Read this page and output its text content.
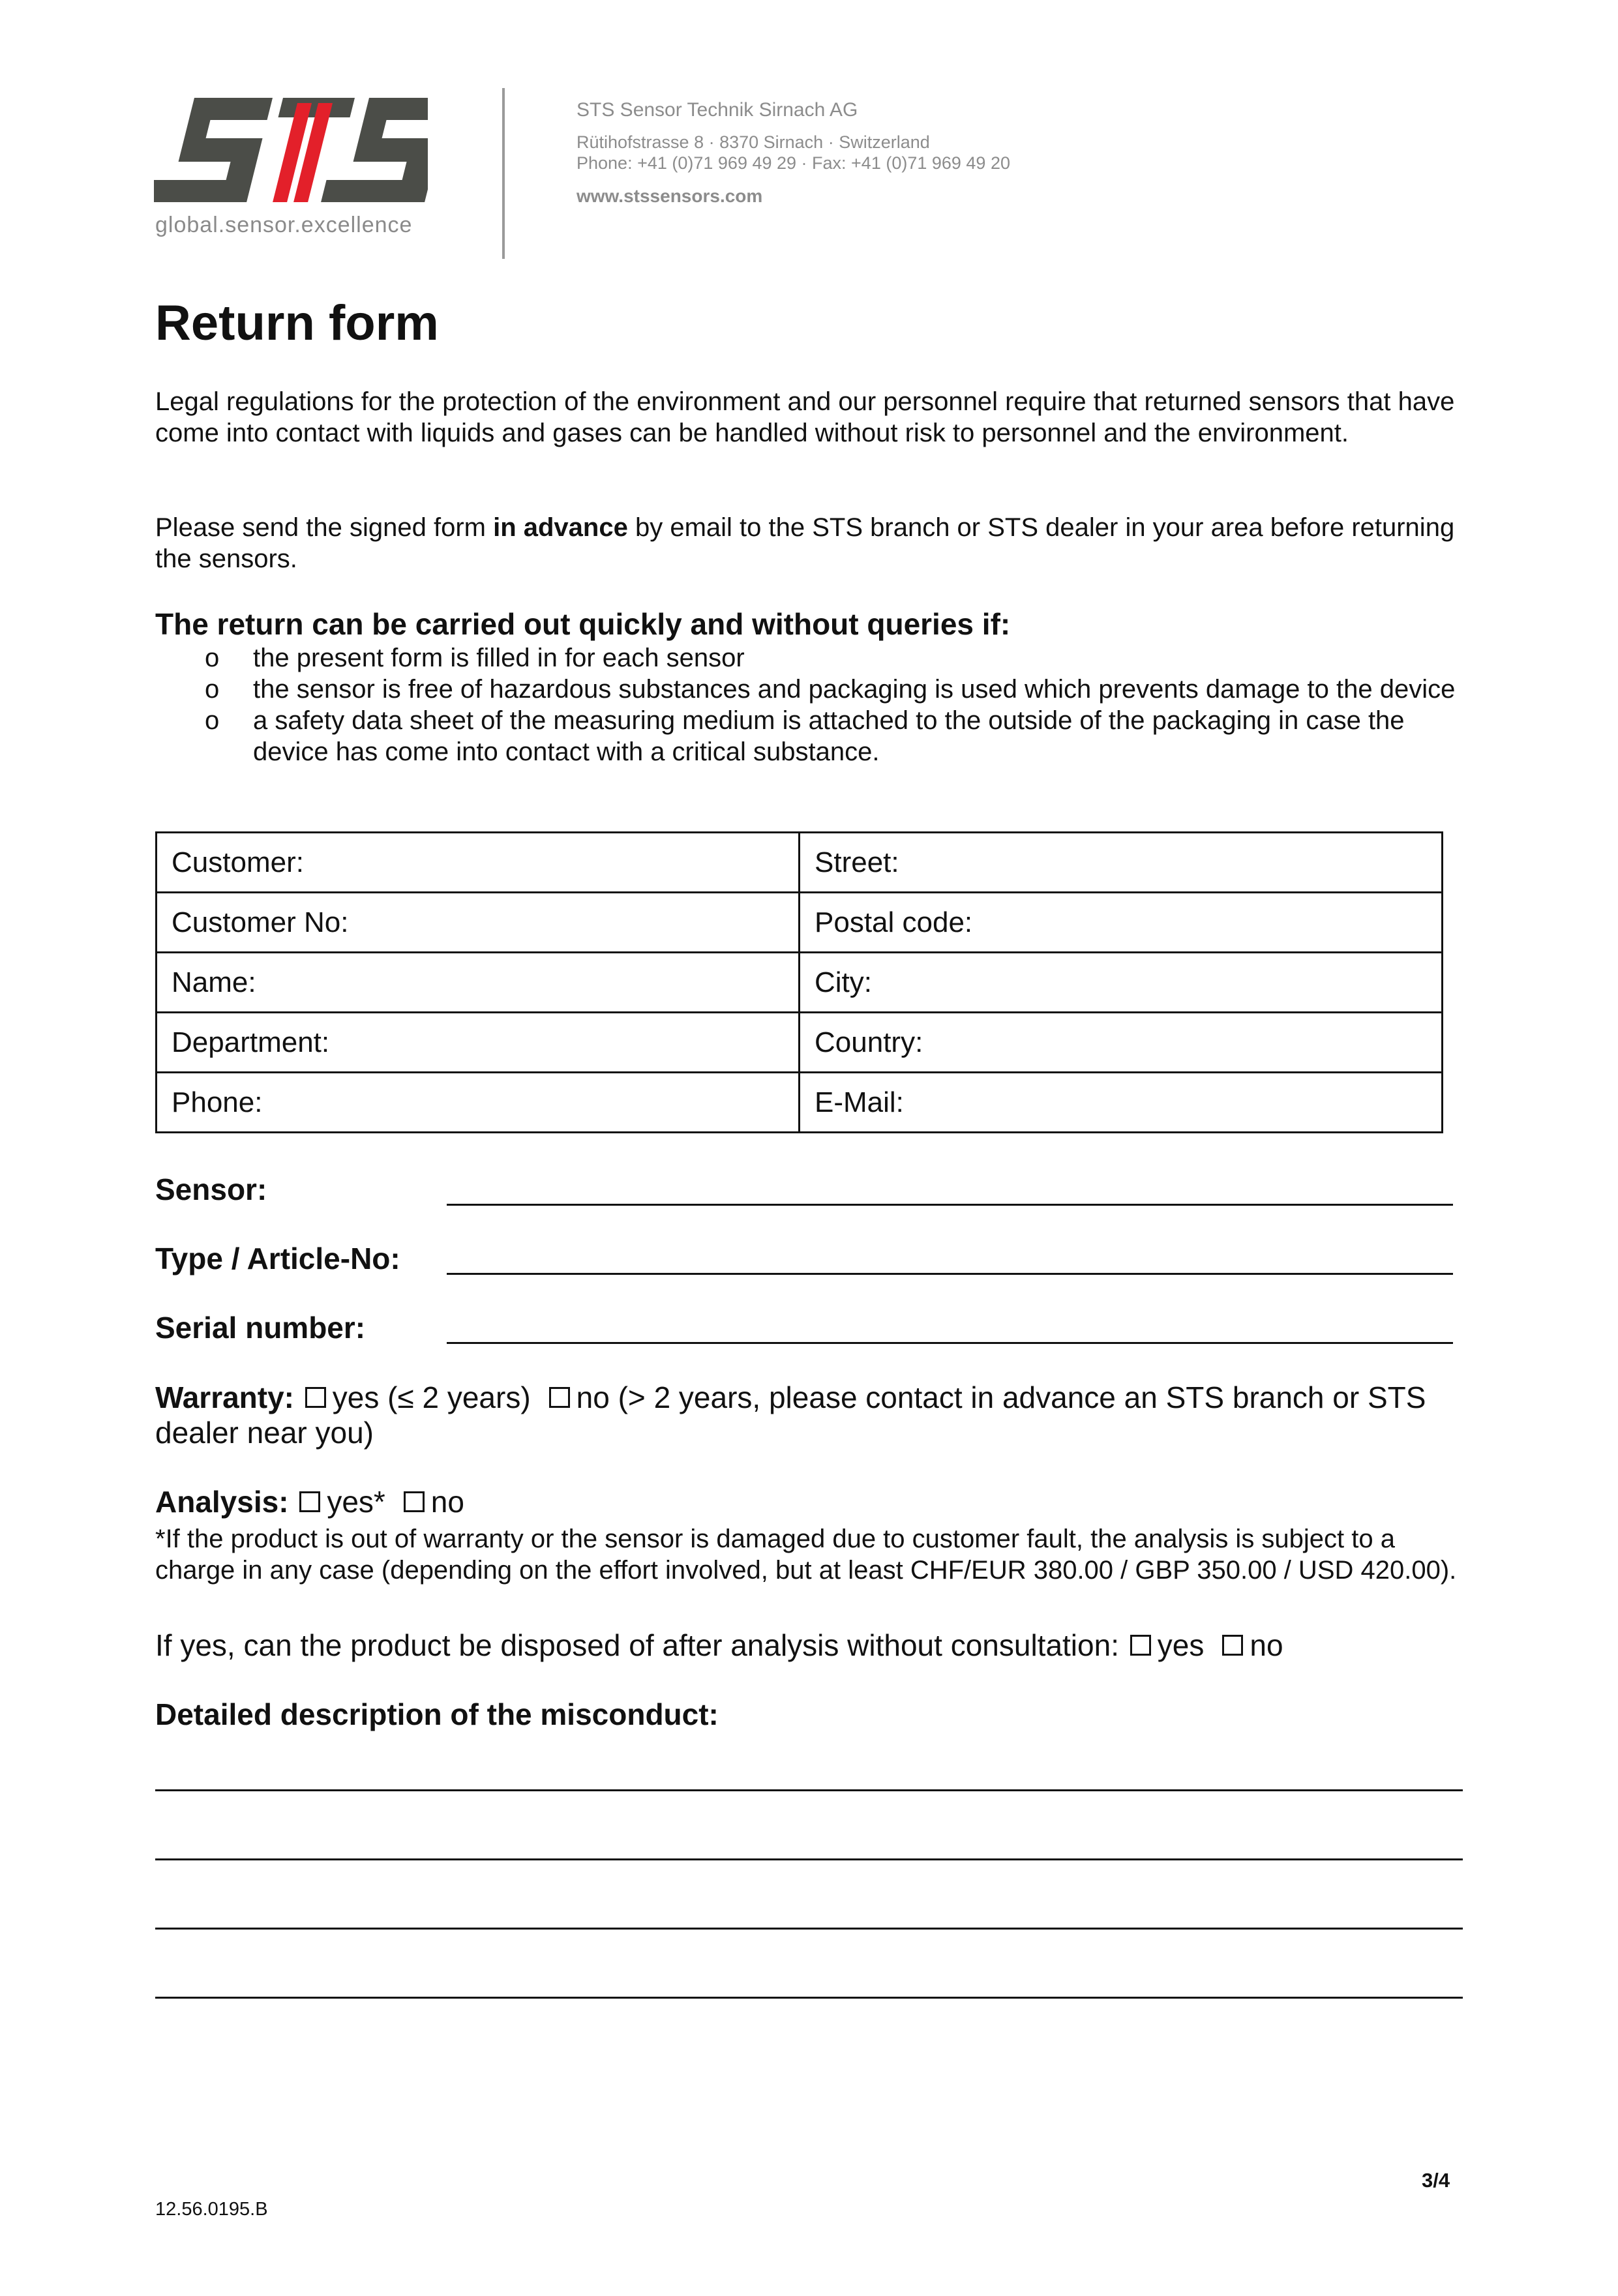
global.sensor.excellence
STS Sensor Technik Sirnach AG
Rütihofstrasse 8 · 8370 Sirnach · Switzerland
Phone: +41 (0)71 969 49 29 · Fax: +41 (0)71 969 49 20
www.stssensors.com
Return form

Legal regulations for the protection of the environment and our personnel require that returned sensors that have come into contact with liquids and gases can be handled without risk to personnel and the environment.

Please send the signed form in advance by email to the STS branch or STS dealer in your area before returning the sensors.

The return can be carried out quickly and without queries if:
o the present form is filled in for each sensor
o the sensor is free of hazardous substances and packaging is used which prevents damage to the device
o a safety data sheet of the measuring medium is attached to the outside of the packaging in case the device has come into contact with a critical substance.
Customer:	Street:
Customer No:	Postal code:
Name:	City:
Department:	Country:
Phone:	E-Mail:
Sensor:
Type / Article-No:
Serial number:

Warranty: yes (≤ 2 years) no (> 2 years, please contact in advance an STS branch or STS dealer near you)

Analysis: yes* no

*If the product is out of warranty or the sensor is damaged due to customer fault, the analysis is subject to a charge in any case (depending on the effort involved, but at least CHF/EUR 380.00 / GBP 350.00 / USD 420.00).

If yes, can the product be disposed of after analysis without consultation: yes no

Detailed description of the misconduct:
3/4
12.56.0195.B
